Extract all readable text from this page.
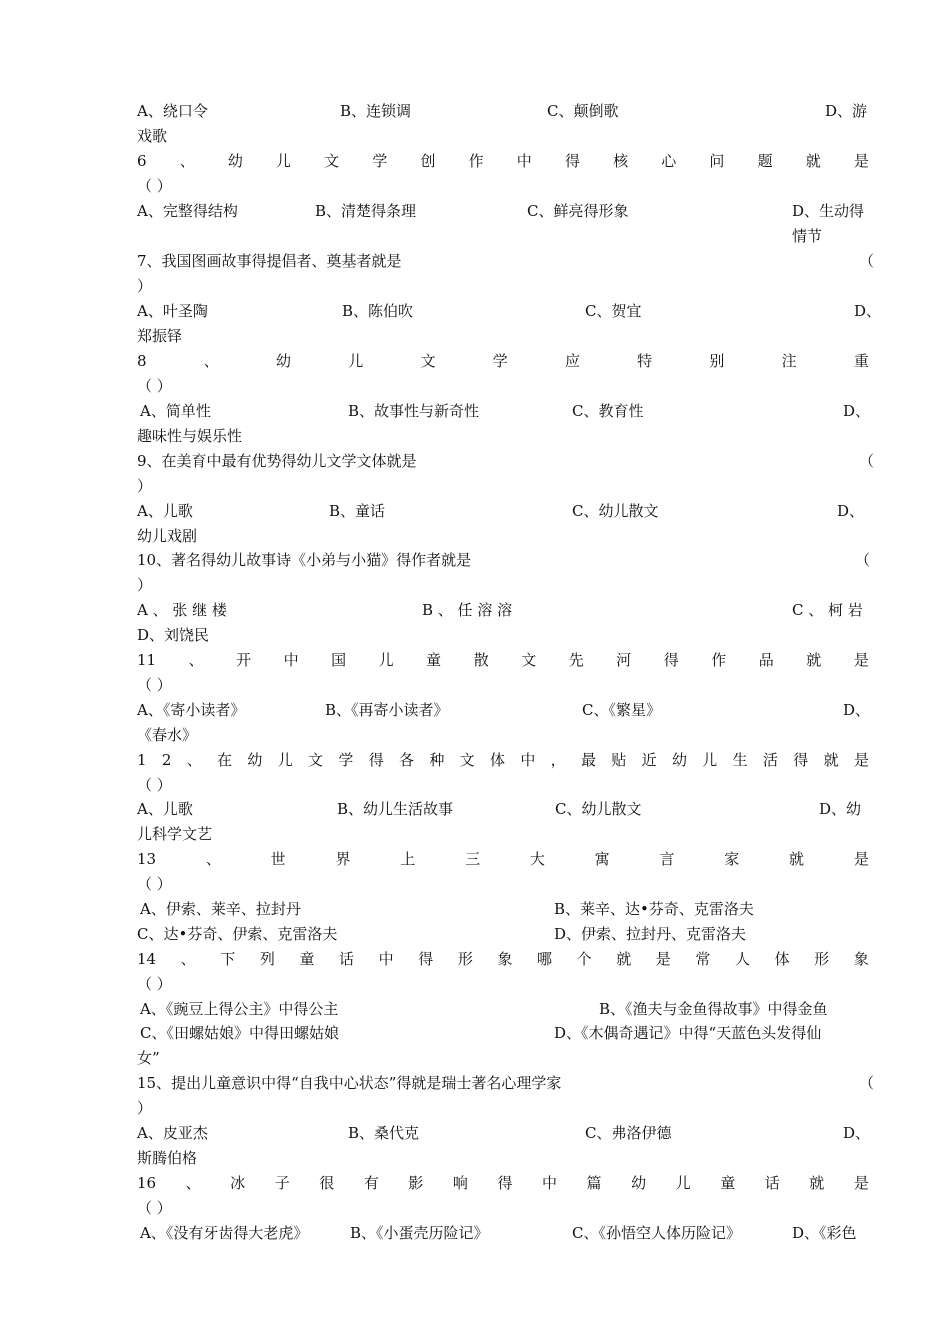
A、绕口令	B、连锁调	C、颠倒歌	D、游
戏歌
6 、 幼 儿 文 学 创 作 中 得 核 心 问 题 就 是
（ ）
A、完整得结构	B、清楚得条理	C、鲜亮得形象	D、生动得
情节
7、我国图画故事得提倡者、奠基者就是	（
）
A、叶圣陶	B、陈伯吹	C、贺宜	D、
郑振铎
8	、	幼	儿	文	学	应	特	别	注	重
（ ）
A、简单性	B、故事性与新奇性	C、教育性	D、
趣味性与娱乐性
9、在美育中最有优势得幼儿文学文体就是	（
）
A、儿歌	B、童话	C、幼儿散文	D、
幼儿戏剧
10、著名得幼儿故事诗《小弟与小猫》得作者就是	（
）
A 、 张 继 楼	B 、 任 溶 溶	C 、 柯 岩
D、刘饶民
11 、 开 中 国 儿 童 散 文 先 河 得 作 品 就 是
（ ）
A、《寄小读者》	B、《再寄小读者》	C、《繁星》	D、
《春水》
1 2 、 在 幼 儿 文 学 得 各 种 文 体 中 ， 最 贴 近 幼 儿 生 活 得 就 是
（ ）
A、儿歌	B、幼儿生活故事	C、幼儿散文	D、幼
儿科学文艺
13	、	世	界	上	三	大	寓	言	家	就	是
（ ）
A、伊索、莱辛、拉封丹	B、莱辛、达•芬奇、克雷洛夫
C、达•芬奇、伊索、克雷洛夫	D、伊索、拉封丹、克雷洛夫
14 、 下 列 童 话 中 得 形 象 哪 个 就 是 常 人 体 形 象
（ ）
A、《豌豆上得公主》中得公主	B、《渔夫与金鱼得故事》中得金鱼
C、《田螺姑娘》中得田螺姑娘	D、《木偶奇遇记》中得“天蓝色头发得仙
女”
15、提出儿童意识中得“自我中心状态”得就是瑞士著名心理学家	（
）
A、皮亚杰	B、桑代克	C、弗洛伊德	D、
斯腾伯格
16 、 冰 子 很 有 影 响 得 中 篇 幼 儿 童 话 就 是
（ ）
A、《没有牙齿得大老虎》	B、《小蛋壳历险记》	C、《孙悟空人体历险记》	D、《彩色
